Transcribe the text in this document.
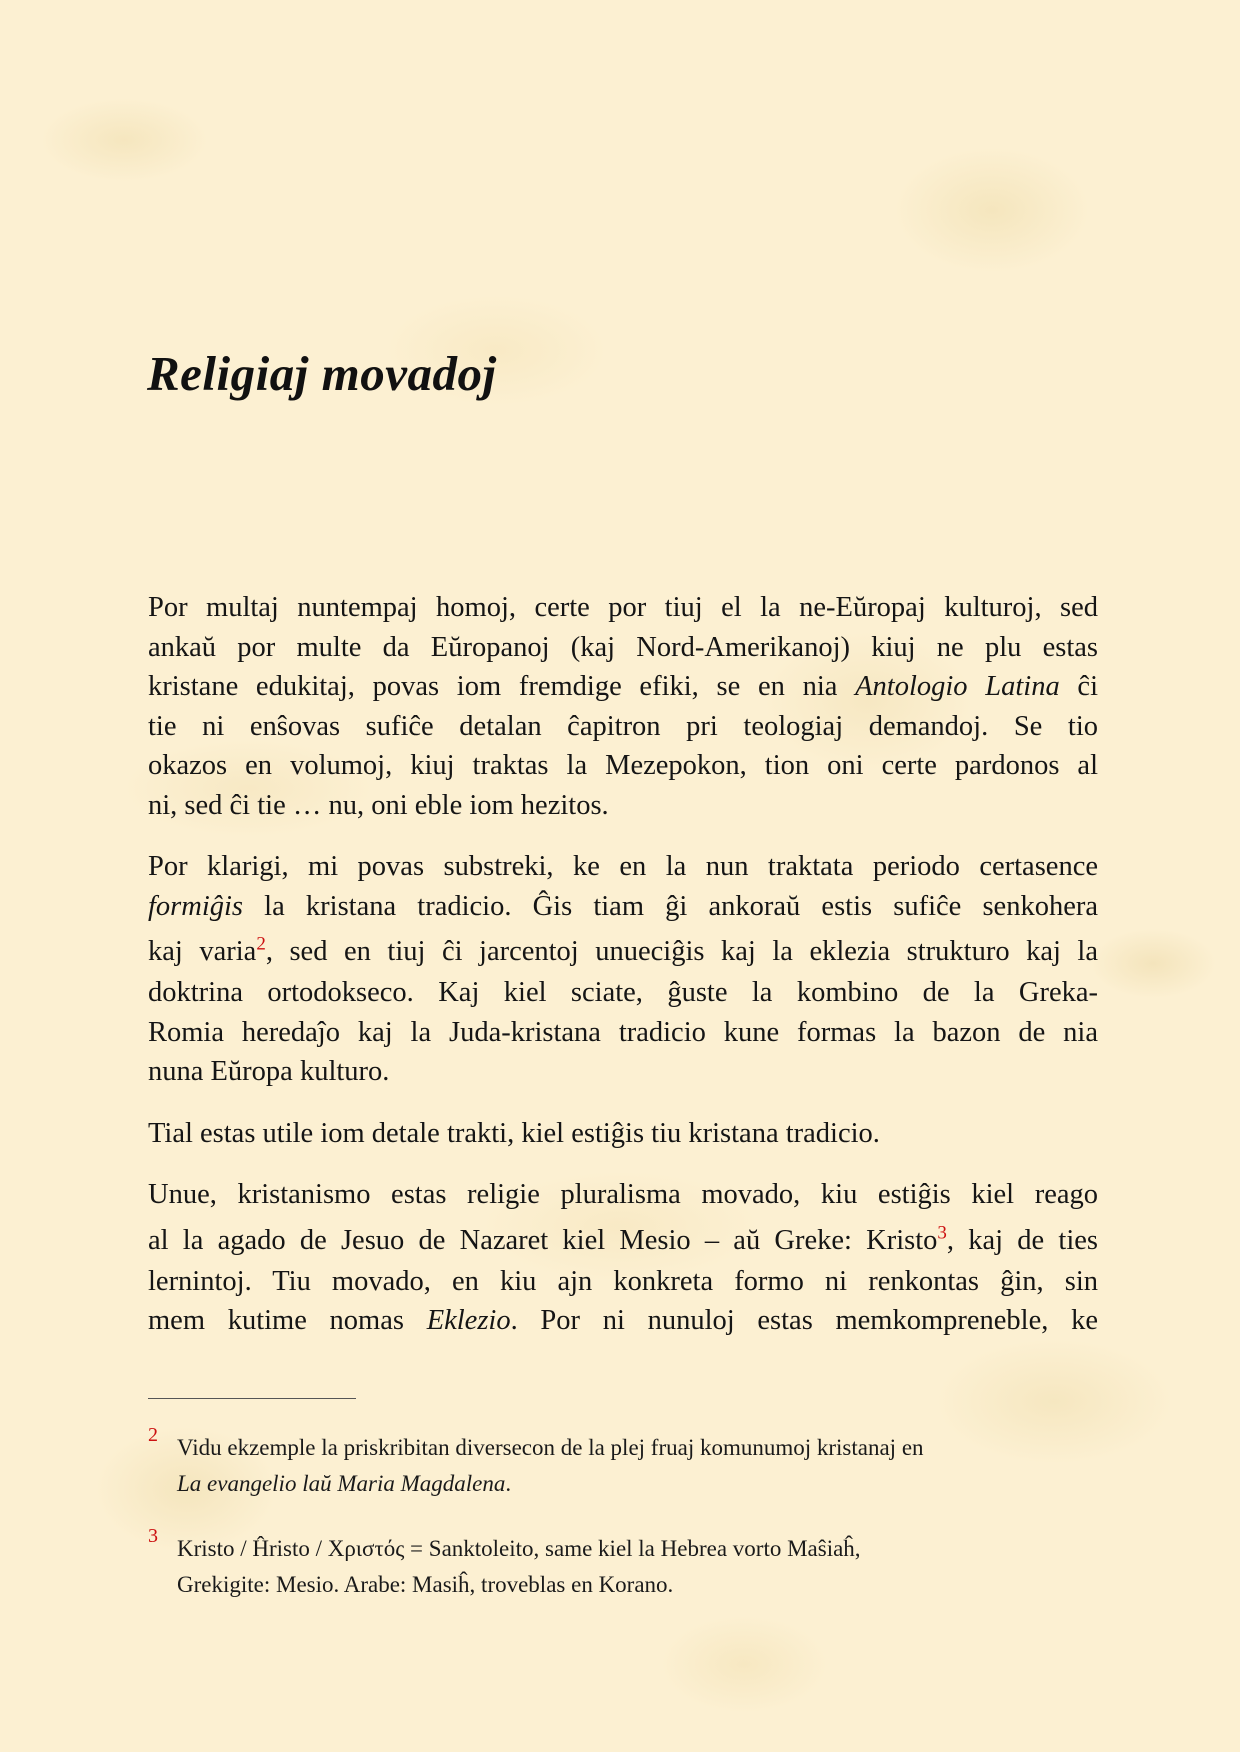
Religiaj movadoj

Por multaj nuntempaj homoj, certe por tiuj el la ne-Eŭropaj kulturoj, sed
ankaŭ por multe da Eŭropanoj (kaj Nord-Amerikanoj) kiuj ne plu estas
kristane edukitaj, povas iom fremdige efiki, se en nia Antologio Latina ĉi
tie ni enŝovas sufiĉe detalan ĉapitron pri teologiaj demandoj. Se tio
okazos en volumoj, kiuj traktas la Mezepokon, tion oni certe pardonos al
ni, sed ĉi tie … nu, oni eble iom hezitos.

Por klarigi, mi povas substreki, ke en la nun traktata periodo certasence
formiĝis la kristana tradicio. Ĝis tiam ĝi ankoraŭ estis sufiĉe senkohera
kaj varia$^2$, sed en tiuj ĉi jarcentoj unueciĝis kaj la eklezia strukturo kaj la
doktrina ortodokseco. Kaj kiel sciate, ĝuste la kombino de la Greka-
Romia heredaĵo kaj la Juda-kristana tradicio kune formas la bazon de nia
nuna Eŭropa kulturo.

Tial estas utile iom detale trakti, kiel estiĝis tiu kristana tradicio.

Unue, kristanismo estas religie pluralisma movado, kiu estiĝis kiel reago
al la agado de Jesuo de Nazaret kiel Mesio – aŭ Greke: Kristo$^3$, kaj de ties
lernintoj. Tiu movado, en kiu ajn konkreta formo ni renkontas ĝin, sin
mem kutime nomas Eklezio. Por ni nunuloj estas memkompreneble, ke

2 Vidu ekzemple la priskribitan diversecon de la plej fruaj komunumoj kristanaj en
La evangelio laŭ Maria Magdalena.
3 Kristo / Ĥristo / Χριστός = Sanktoleito, same kiel la Hebrea vorto Maŝiaĥ,
Grekigite: Mesio. Arabe: Masiĥ, troveblas en Korano.
